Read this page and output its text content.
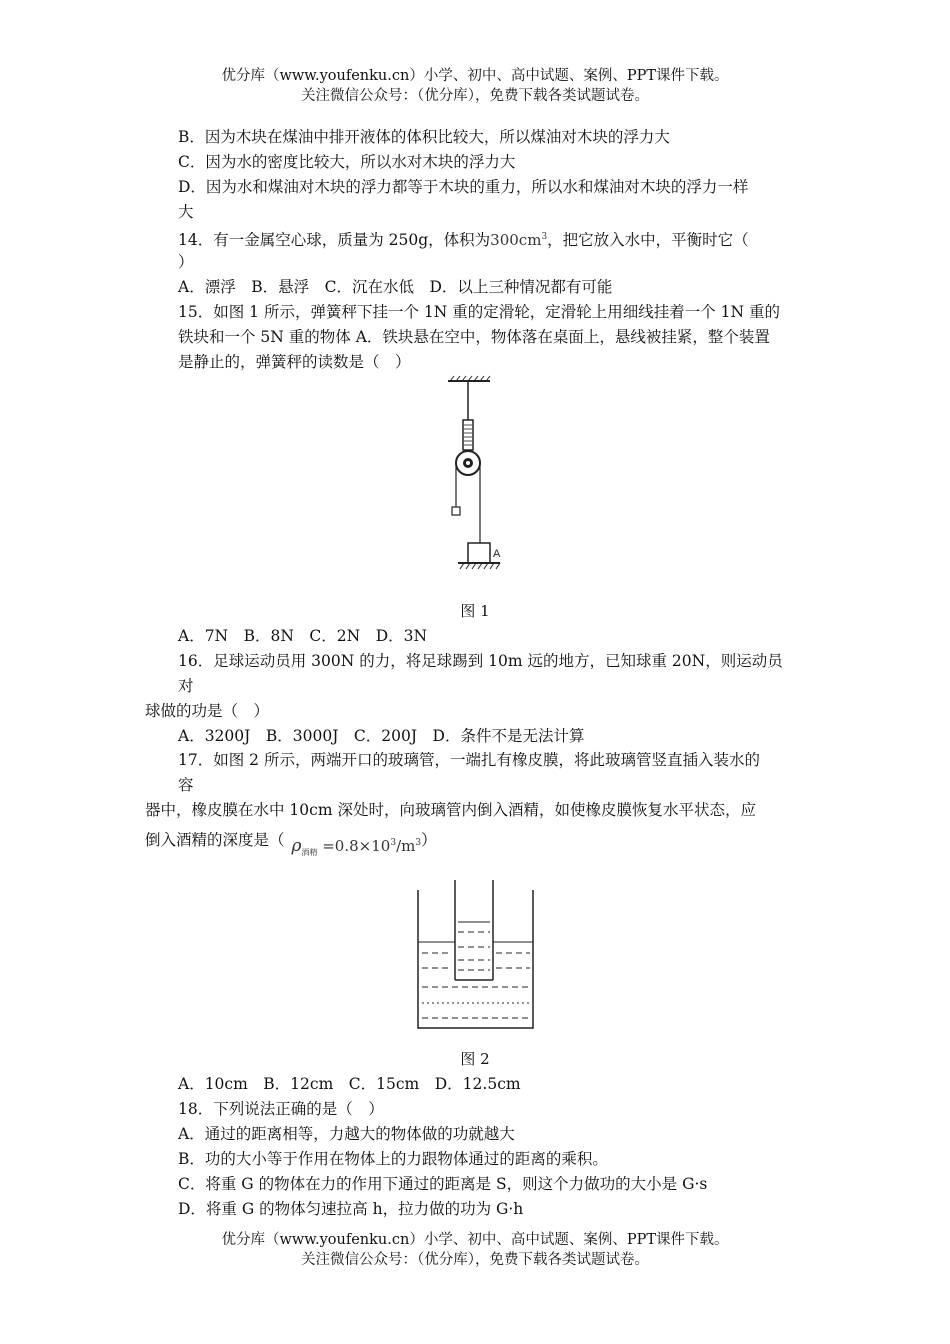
优分库（www.youfenku.cn）小学、初中、高中试题、案例、PPT课件下载。
关注微信公众号：（优分库），免费下载各类试题试卷。
B．因为木块在煤油中排开液体的体积比较大，所以煤油对木块的浮力大
C．因为水的密度比较大，所以水对木块的浮力大
D．因为水和煤油对木块的浮力都等于木块的重力，所以水和煤油对木块的浮力一样
大
14．有一金属空心球，质量为 250g，体积为$300cm^3$，把它放入水中，平衡时它（
）
A．漂浮　B．悬浮　C．沉在水低　D．以上三种情况都有可能
15．如图 1 所示，弹簧秤下挂一个 1N 重的定滑轮，定滑轮上用细线挂着一个 1N 重的
铁块和一个 5N 重的物体 A．铁块悬在空中，物体落在桌面上，悬线被挂紧，整个装置
是静止的，弹簧秤的读数是（　）
A
图 1
A．7N　B．8N　C．2N　D．3N
16．足球运动员用 300N 的力，将足球踢到 10m 远的地方，已知球重 20N，则运动员
对
球做的功是（　）
A．3200J　B．3000J　C．200J　D．条件不是无法计算
17．如图 2 所示，两端开口的玻璃管，一端扎有橡皮膜，将此玻璃管竖直插入装水的
容
器中，橡皮膜在水中 10cm 深处时，向玻璃管内倒入酒精，如使橡皮膜恢复水平状态，应
倒入酒精的深度是（ $\rho_{酒精} =0.8\times 10^3/m^3$）
图 2
A．10cm　B．12cm　C．15cm　D．12.5cm
18．下列说法正确的是（　）
A．通过的距离相等，力越大的物体做的功就越大
B．功的大小等于作用在物体上的力跟物体通过的距离的乘积。
C．将重 G 的物体在力的作用下通过的距离是 S，则这个力做功的大小是 G·s
D．将重 G 的物体匀速拉高 h，拉力做的功为 G·h
优分库（www.youfenku.cn）小学、初中、高中试题、案例、PPT课件下载。
关注微信公众号：（优分库），免费下载各类试题试卷。
